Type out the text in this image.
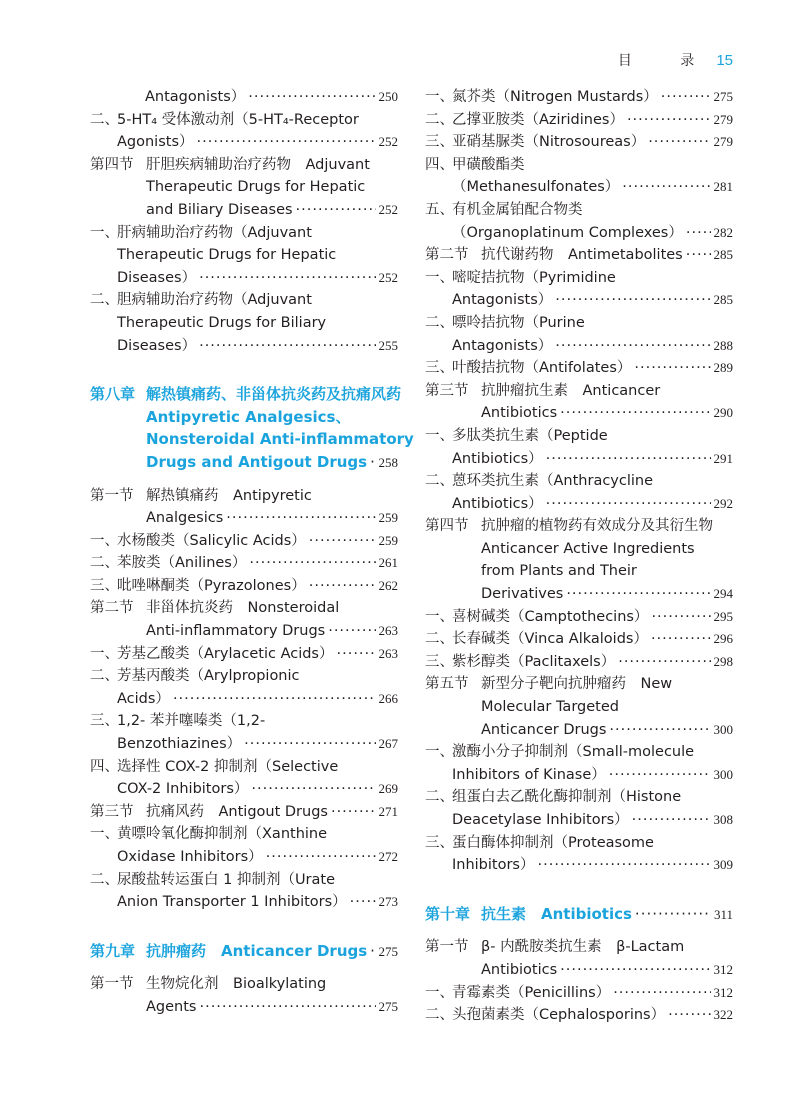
目 录15
Antagonists） ·····	250
二、
5-HT₄ 受体激动剂（5-HT₄-Receptor
Agonists） ·····	252
第四节 肝胆疾病辅助治疗药物　Adjuvant
Therapeutic Drugs for Hepatic
and Biliary Diseases ·····	252
一、
肝病辅助治疗药物（Adjuvant
Therapeutic Drugs for Hepatic
Diseases） ·····	252
二、
胆病辅助治疗药物（Adjuvant
Therapeutic Drugs for Biliary
Diseases） ·····	255
第八章 解热镇痛药、非甾体抗炎药及抗痛风药
Antipyretic Analgesics、
Nonsteroidal Anti-inflammatory
Drugs and Antigout Drugs ····· 258
第一节 解热镇痛药　Antipyretic
Analgesics ·····	259
一、
水杨酸类（Salicylic Acids） ·····	259
二、
苯胺类（Anilines） ·····	261
三、
吡唑啉酮类（Pyrazolones） ·····	262
第二节 非甾体抗炎药　Nonsteroidal
Anti-inflammatory Drugs ·····	263
一、
芳基乙酸类（Arylacetic Acids） ·····	263
二、
芳基丙酸类（Arylpropionic
Acids） ·····	266
三、
1,2- 苯并噻嗪类（1,2-
Benzothiazines） ·····	267
四、
选择性 COX-2 抑制剂（Selective
COX-2 Inhibitors） ·····	269
第三节 抗痛风药　Antigout Drugs ·····	271
一、
黄嘌呤氧化酶抑制剂（Xanthine
Oxidase Inhibitors） ·····	272
二、
尿酸盐转运蛋白 1 抑制剂（Urate
Anion Transporter 1 Inhibitors） ····· 273
第九章 抗肿瘤药　Anticancer Drugs ····· 275
第一节 生物烷化剂　Bioalkylating
Agents ·····	275
一、
氮芥类（Nitrogen Mustards） ·····	275
二、
乙撑亚胺类（Aziridines） ·····	279
三、
亚硝基脲类（Nitrosoureas） ·····	279
四、
甲磺酸酯类
（Methanesulfonates） ·····	281
五、
有机金属铂配合物类
（Organoplatinum Complexes） ····· 282
第二节 抗代谢药物　Antimetabolites ····· 285
一、
嘧啶拮抗物（Pyrimidine
Antagonists） ·····	285
二、
嘌呤拮抗物（Purine
Antagonists） ·····	288
三、
叶酸拮抗物（Antifolates） ·····	289
第三节 抗肿瘤抗生素　Anticancer
Antibiotics ·····	290
一、
多肽类抗生素（Peptide
Antibiotics） ·····	291
二、
蒽环类抗生素（Anthracycline
Antibiotics） ·····	292
第四节 抗肿瘤的植物药有效成分及其衍生物
Anticancer Active Ingredients
from Plants and Their
Derivatives ·····	294
一、
喜树碱类（Camptothecins） ·····	295
二、
长春碱类（Vinca Alkaloids） ·····	296
三、
紫杉醇类（Paclitaxels） ·····	298
第五节 新型分子靶向抗肿瘤药　New
Molecular Targeted
Anticancer Drugs ·····	300
一、
激酶小分子抑制剂（Small-molecule
Inhibitors of Kinase） ·····	300
二、
组蛋白去乙酰化酶抑制剂（Histone
Deacetylase Inhibitors） ·····	308
三、
蛋白酶体抑制剂（Proteasome
Inhibitors） ·····	309
第十章 抗生素　Antibiotics ·····	311
第一节 β- 内酰胺类抗生素　β-Lactam
Antibiotics ·····	312
一、
青霉素类（Penicillins） ·····	312
二、
头孢菌素类（Cephalosporins） ·····	322
